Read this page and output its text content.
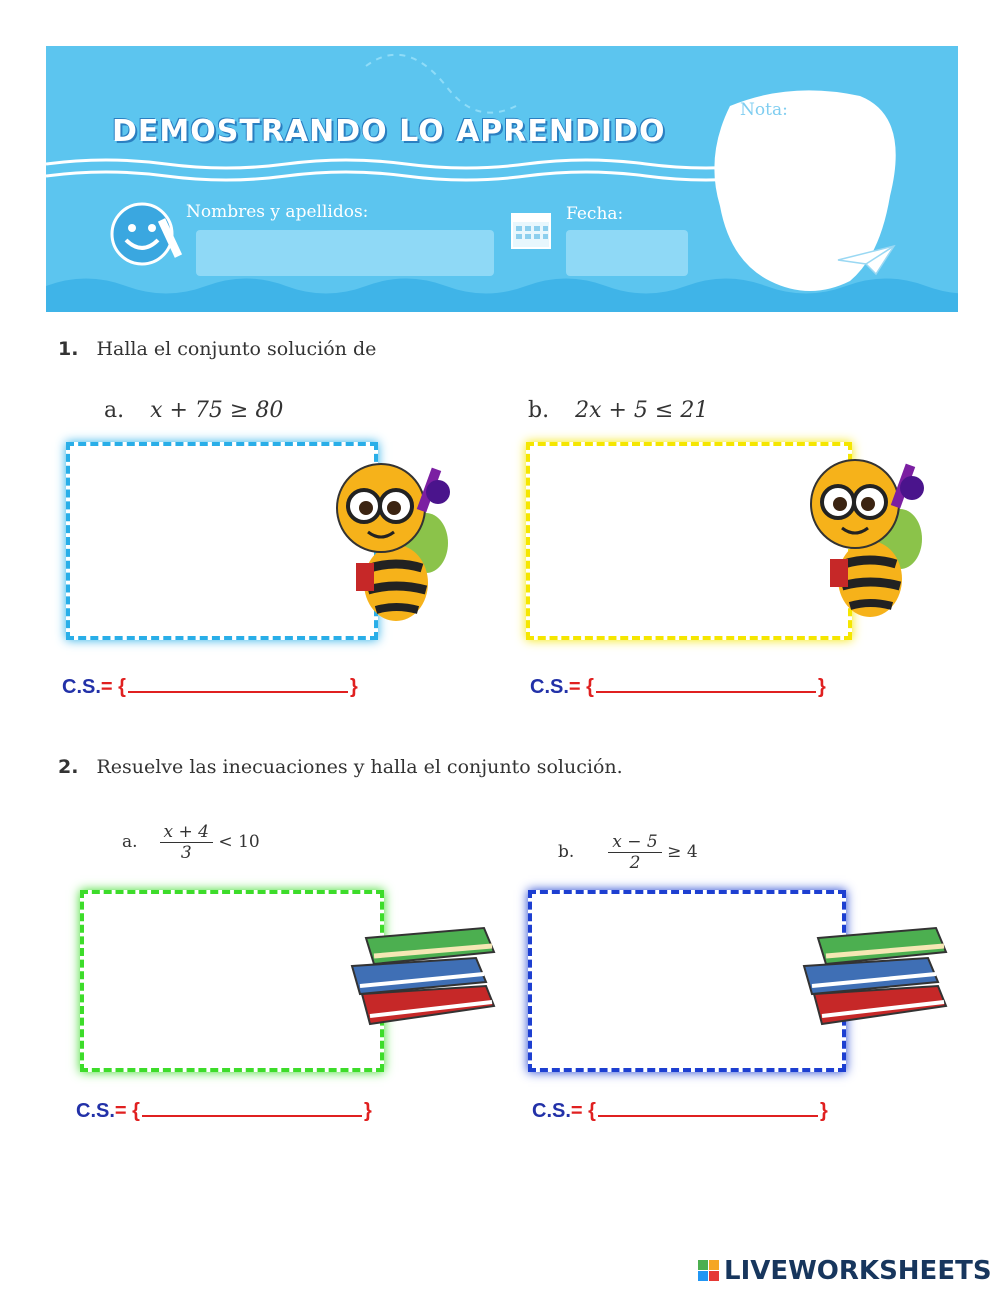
DEMOSTRANDO LO APRENDIDO
Nombres y apellidos:	Fecha:
Nota:
1. Halla el conjunto solución de
a. x + 75 ≥ 80	b. 2x + 5 ≤ 21
C.S.= {	}	C.S.= {	}
2. Resuelve las inecuaciones y halla el conjunto solución.
a. $\frac{x + 4}{3} < 10$	b. $\frac{x - 5}{2} \ge 4$
C.S.= {	}	C.S.= {	}
LIVEWORKSHEETS
